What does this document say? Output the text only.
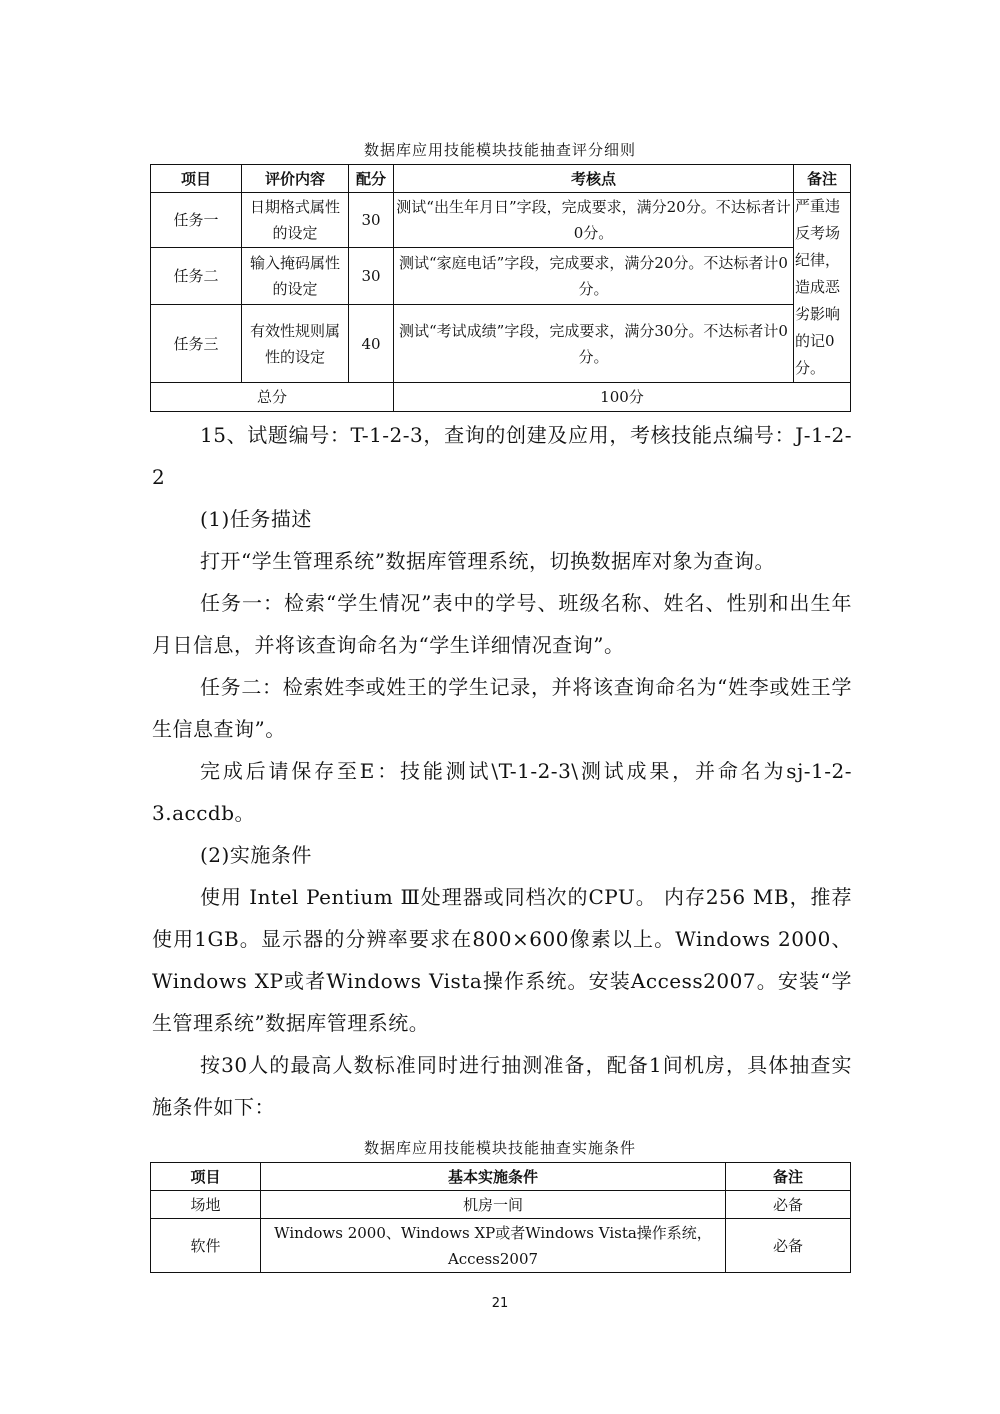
数据库应用技能模块技能抽查评分细则
项目	评价内容	配分	考核点	备注
任务一	日期格式属性的设定	30	测试“出生年月日”字段，完成要求，满分20分。不达标者计0分。	严重违反考场纪律，造成恶劣影响的记0分。
任务二	输入掩码属性的设定	30	测试“家庭电话”字段，完成要求，满分20分。不达标者计0分。	
任务三	有效性规则属性的设定	40	测试“考试成绩”字段，完成要求，满分30分。不达标者计0分。	
总分			100分	

15、试题编号：T-1-2-3，查询的创建及应用，考核技能点编号：J-1-2-2

(1)任务描述

打开“学生管理系统”数据库管理系统，切换数据库对象为查询。

任务一：检索“学生情况”表中的学号、班级名称、姓名、性别和出生年月日信息，并将该查询命名为“学生详细情况查询”。

任务二：检索姓李或姓王的学生记录，并将该查询命名为“姓李或姓王学生信息查询”。

完成后请保存至E：技能测试\T-1-2-3\测试成果，并命名为sj-1-2-3.accdb。

(2)实施条件

使用 Intel Pentium Ⅲ处理器或同档次的CPU。 内存256 MB，推荐使用1GB。显示器的分辨率要求在800×600像素以上。Windows 2000、Windows XP或者Windows Vista操作系统。安装Access2007。安装“学生管理系统”数据库管理系统。

按30人的最高人数标准同时进行抽测准备，配备1间机房，具体抽查实施条件如下：

数据库应用技能模块技能抽查实施条件
项目	基本实施条件	备注
场地	机房一间	必备
软件	Windows 2000、Windows XP或者Windows Vista操作系统，Access2007	必备
21
